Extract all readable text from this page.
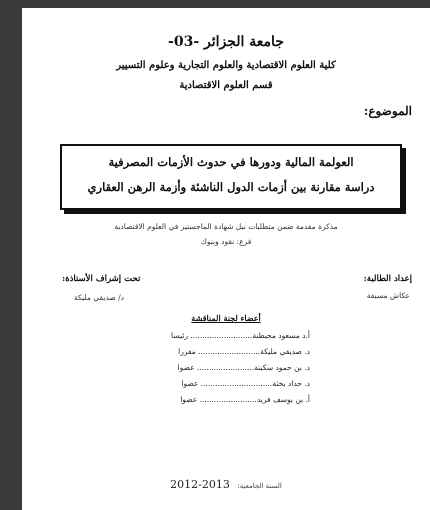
جامعة الجزائر -03-
كلية العلوم الاقتصادية والعلوم التجارية وعلوم التسيير
قسم العلوم الاقتصادية
الموضوع:
العولمة المالية ودورها في حدوث الأزمات المصرفية
دراسة مقارنة بين أزمات الدول الناشئة وأزمة الرهن العقاري
مذكرة مقدمة ضمن متطلبات نيل شهادة الماجستير في العلوم الاقتصادية
فرع: نقود وبنوك
إعداد الطالبة:
عكاش مسيفة
تحت إشراف الأستاذة:
د/ صديقي مليكة
أعضاء لجنة المناقشة
أ.د مسعود مجيطنة.......................... رئيسا
د. صديقي مليكة.......................... مقررا
د. بن حمود سكينة........................ عضوا
د. حداد بخثة.............................. عضوا
أ. بن يوسف فريد........................ عضوا
السنة الجامعية: 2013-2012
